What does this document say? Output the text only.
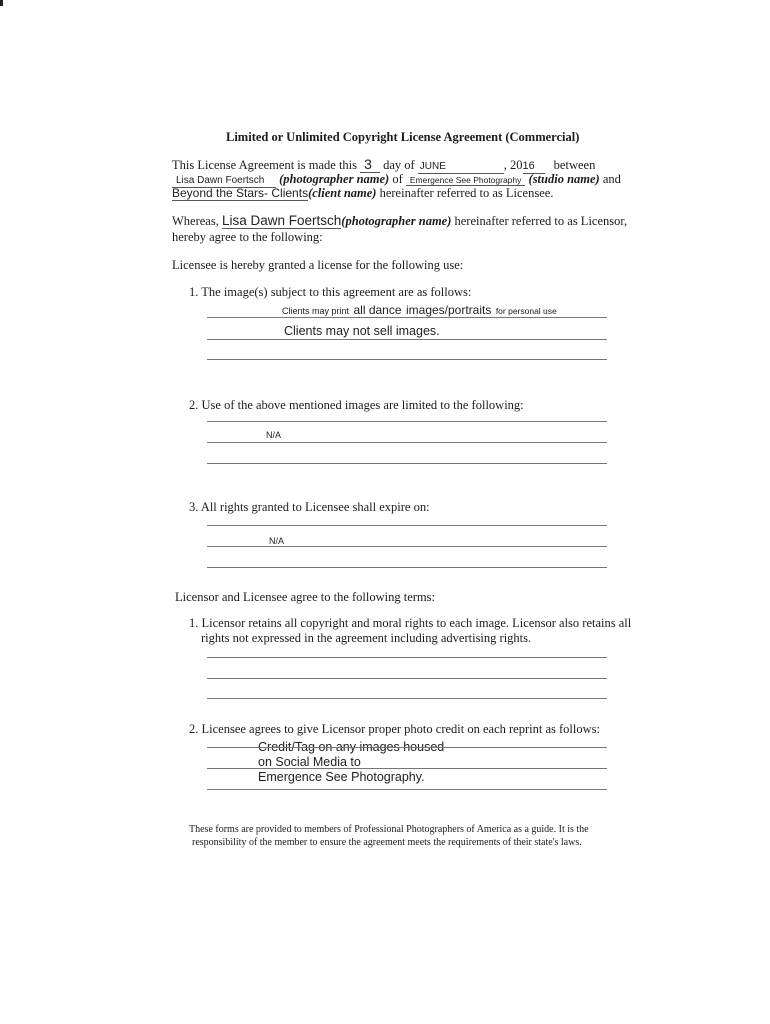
Limited or Unlimited Copyright License Agreement (Commercial)
This License Agreement is made this 3 day of JUNE	, 2016 between
Lisa Dawn Foertsch (photographer name) of Emergence See Photography (studio name) and
Beyond the Stars- Clients(client name) hereinafter referred to as Licensee.
Whereas, Lisa Dawn Foertsch(photographer name) hereinafter referred to as Licensor,
hereby agree to the following:
Licensee is hereby granted a license for the following use:
1. The image(s) subject to this agreement are as follows:
Clients may print all dance images/portraits for personal use
Clients may not sell images.
2. Use of the above mentioned images are limited to the following:
N/A
3. All rights granted to Licensee shall expire on:
N/A
Licensor and Licensee agree to the following terms:
1. Licensor retains all copyright and moral rights to each image. Licensor also retains all
rights not expressed in the agreement including advertising rights.
2. Licensee agrees to give Licensor proper photo credit on each reprint as follows:
Credit/Tag on any images housed
on Social Media to
Emergence See Photography.
These forms are provided to members of Professional Photographers of America as a guide. It is the
responsibility of the member to ensure the agreement meets the requirements of their state's laws.
